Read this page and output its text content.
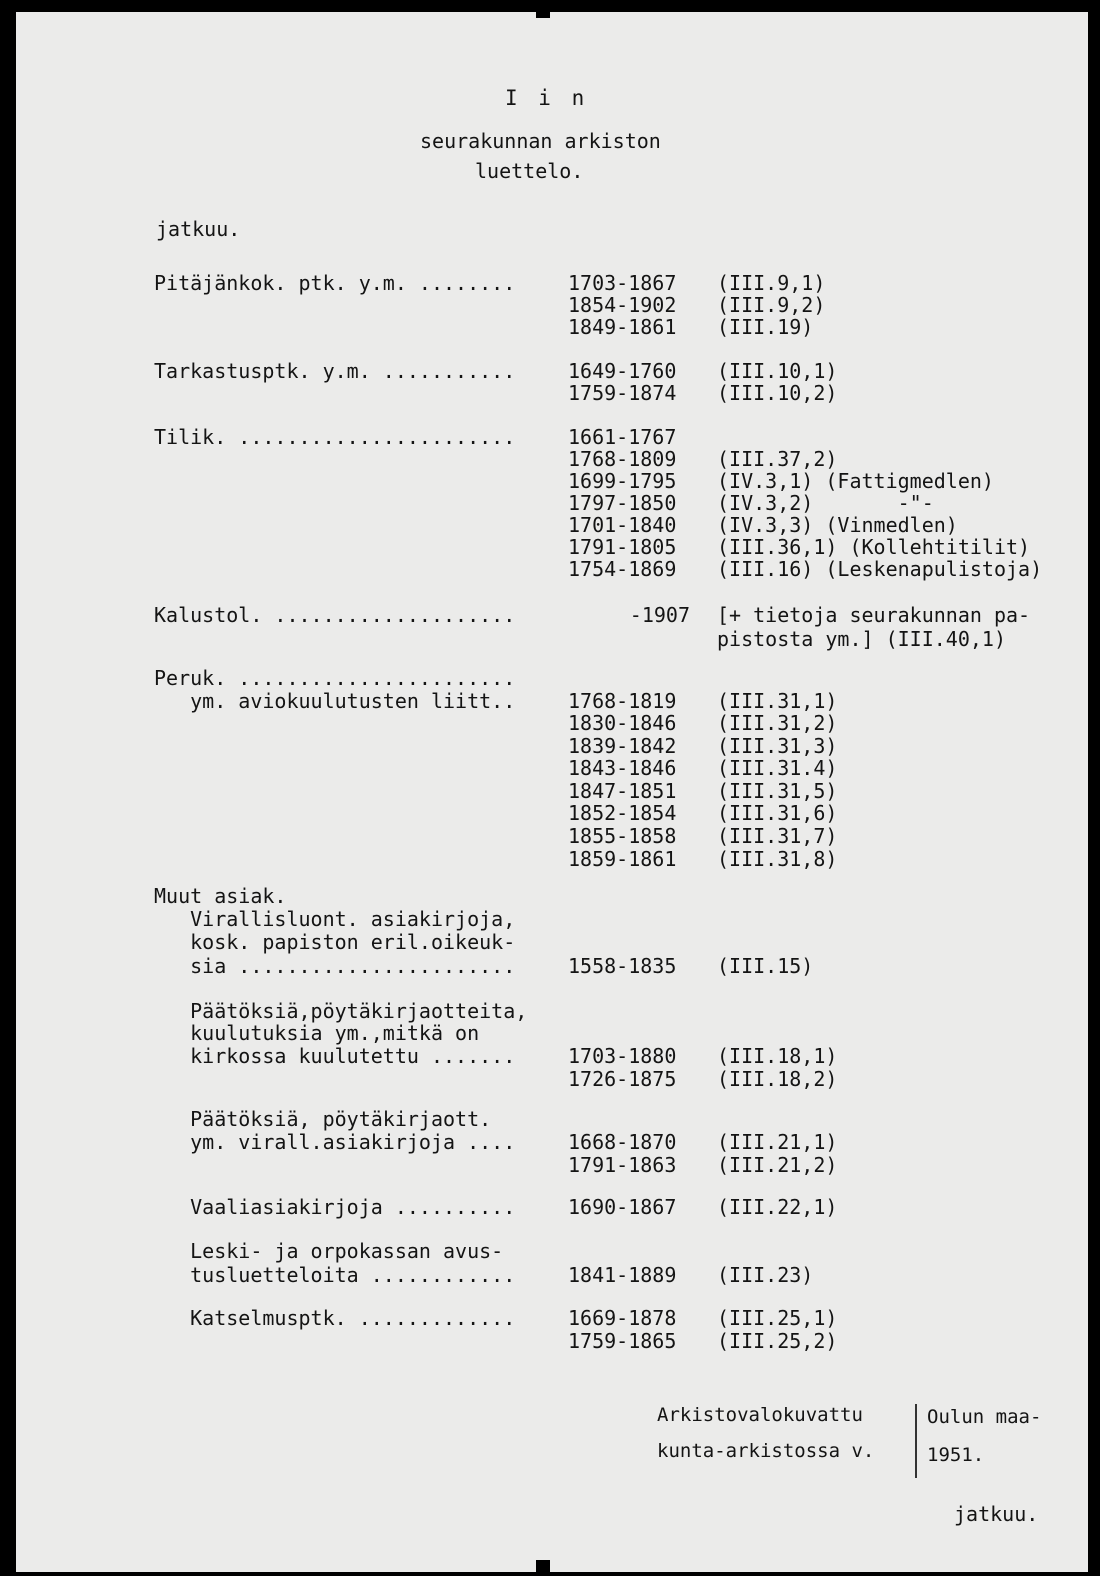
I i n
seurakunnan arkiston
luettelo.
jatkuu.
Pitäjänkok. ptk. y.m. ........	1703-1867	(III.9,1)
1854-1902	(III.9,2)
1849-1861	(III.19)
Tarkastusptk. y.m. ...........	1649-1760	(III.10,1)
1759-1874	(III.10,2)
Tilik. .......................	1661-1767
1768-1809	(III.37,2)
1699-1795	(IV.3,1) (Fattigmedlen)
1797-1850	(IV.3,2)       -"-
1701-1840	(IV.3,3) (Vinmedlen)
1791-1805	(III.36,1) (Kollehtitilit)
1754-1869	(III.16) (Leskenapulistoja)
Kalustol. ....................	-1907 [+ tietoja seurakunnan pa-
pistosta ym.] (III.40,1)
Peruk. .......................
ym. aviokuulutusten liitt..	1768-1819	(III.31,1)
1830-1846	(III.31,2)
1839-1842	(III.31,3)
1843-1846	(III.31.4)
1847-1851	(III.31,5)
1852-1854	(III.31,6)
1855-1858	(III.31,7)
1859-1861	(III.31,8)
Muut asiak.
Virallisluont. asiakirjoja,
kosk. papiston eril.oikeuk-
sia .......................	1558-1835	(III.15)
Päätöksiä,pöytäkirjaotteita,
kuulutuksia ym.,mitkä on
kirkossa kuulutettu .......	1703-1880	(III.18,1)
1726-1875	(III.18,2)
Päätöksiä, pöytäkirjaott.
ym. virall.asiakirjoja ....	1668-1870	(III.21,1)
1791-1863	(III.21,2)
Vaaliasiakirjoja ..........	1690-1867	(III.22,1)
Leski- ja orpokassan avus-
tusluetteloita ............	1841-1889	(III.23)
Katselmusptk. .............	1669-1878	(III.25,1)
1759-1865	(III.25,2)
Arkistovalokuvattu
kunta-arkistossa v.
Oulun maa-
1951.
jatkuu.
